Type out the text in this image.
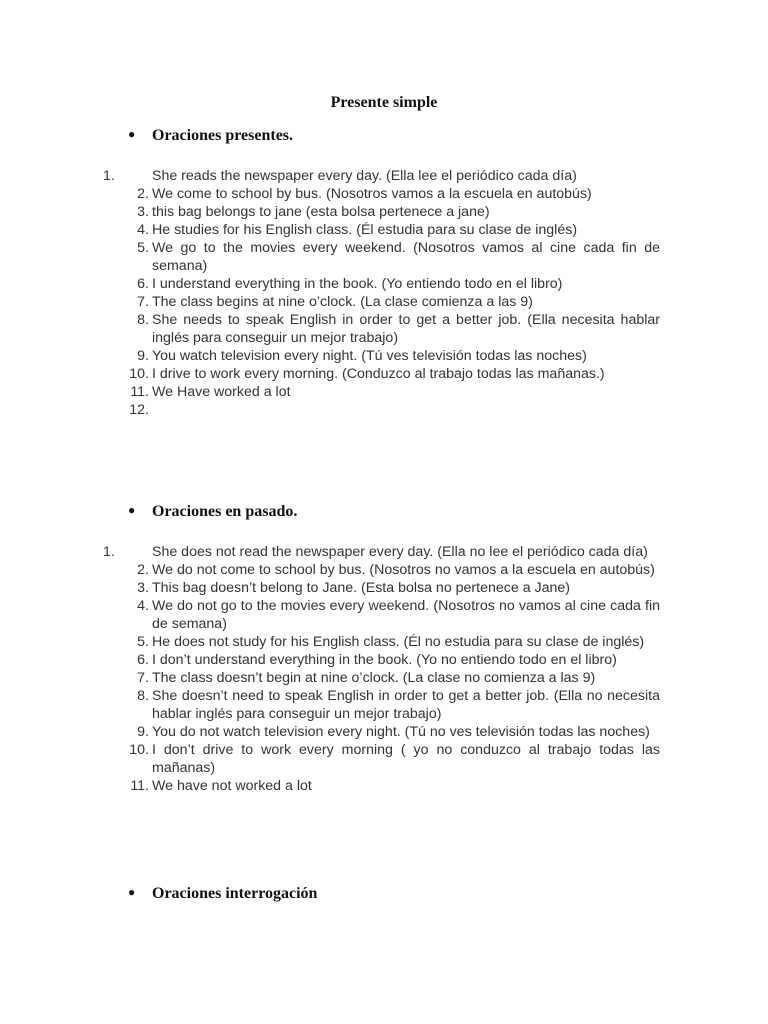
Presente simple
● Oraciones presentes.
1.	She reads the newspaper every day. (Ella lee el periódico cada día)
2. We come to school by bus. (Nosotros vamos a la escuela en autobús)
3. this bag belongs to jane (esta bolsa pertenece a jane)
4. He studies for his English class. (Él estudia para su clase de inglés)
5. We go to the movies every weekend. (Nosotros vamos al cine cada fin de semana)
6. I understand everything in the book. (Yo entiendo todo en el libro)
7. The class begins at nine o’clock. (La clase comienza a las 9)
8. She needs to speak English in order to get a better job. (Ella necesita hablar inglés para conseguir un mejor trabajo)
9. You watch television every night. (Tú ves televisión todas las noches)
10. I drive to work every morning. (Conduzco al trabajo todas las mañanas.)
11. We Have worked a lot
12.
● Oraciones en pasado.
1.	She does not read the newspaper every day. (Ella no lee el periódico cada día)
2. We do not come to school by bus. (Nosotros no vamos a la escuela en autobús)
3. This bag doesn’t belong to Jane. (Esta bolsa no pertenece a Jane)
4. We do not go to the movies every weekend. (Nosotros no vamos al cine cada fin de semana)
5. He does not study for his English class. (Él no estudia para su clase de inglés)
6. I don’t understand everything in the book. (Yo no entiendo todo en el libro)
7. The class doesn’t begin at nine o’clock. (La clase no comienza a las 9)
8. She doesn’t need to speak English in order to get a better job. (Ella no necesita hablar inglés para conseguir un mejor trabajo)
9. You do not watch television every night. (Tú no ves televisión todas las noches)
10. I don’t drive to work every morning ( yo no conduzco al trabajo todas las mañanas)
11. We have not worked a lot
● Oraciones interrogación
